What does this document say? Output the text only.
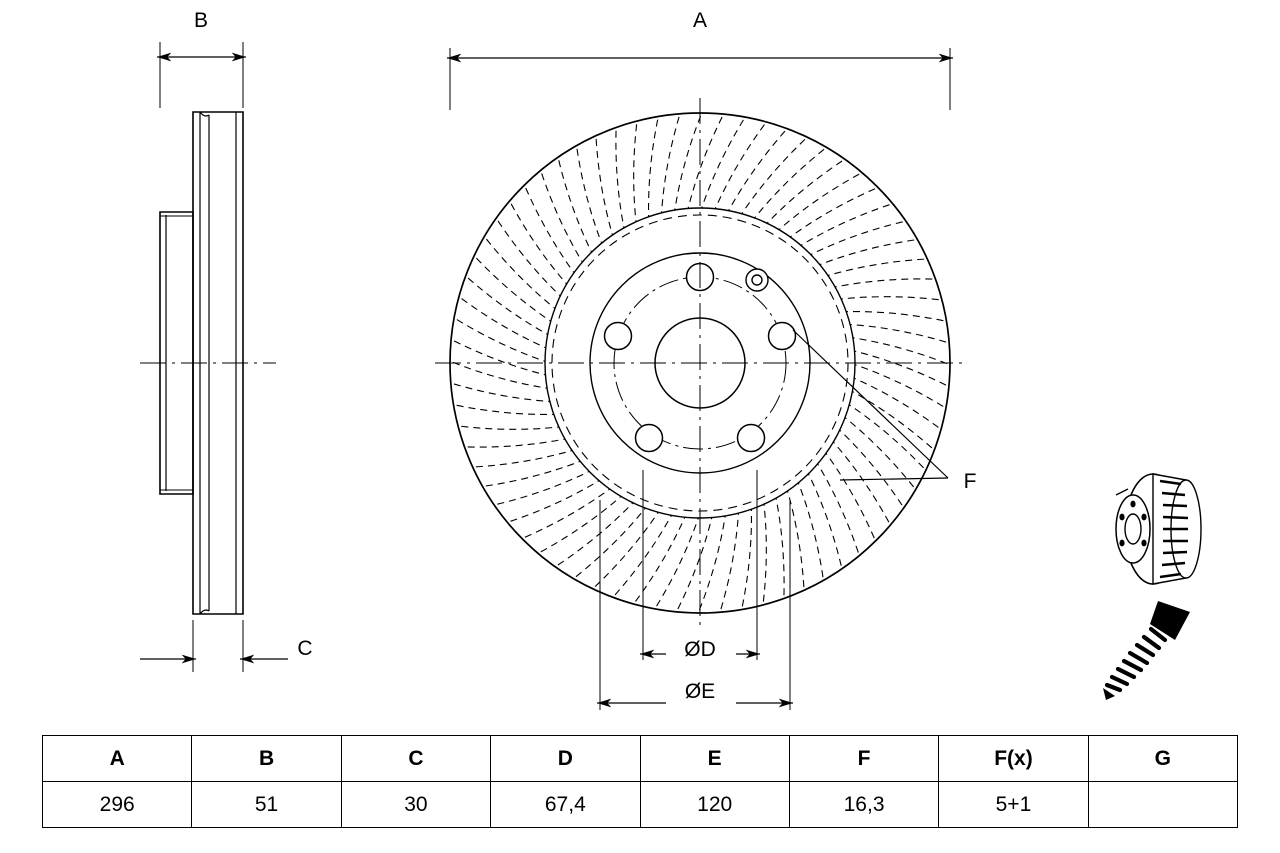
B
C
A
F
ØD
ØE
A	B	C	D	E	F	F(x)	G
296	51	30	67,4	120	16,3	5+1	
